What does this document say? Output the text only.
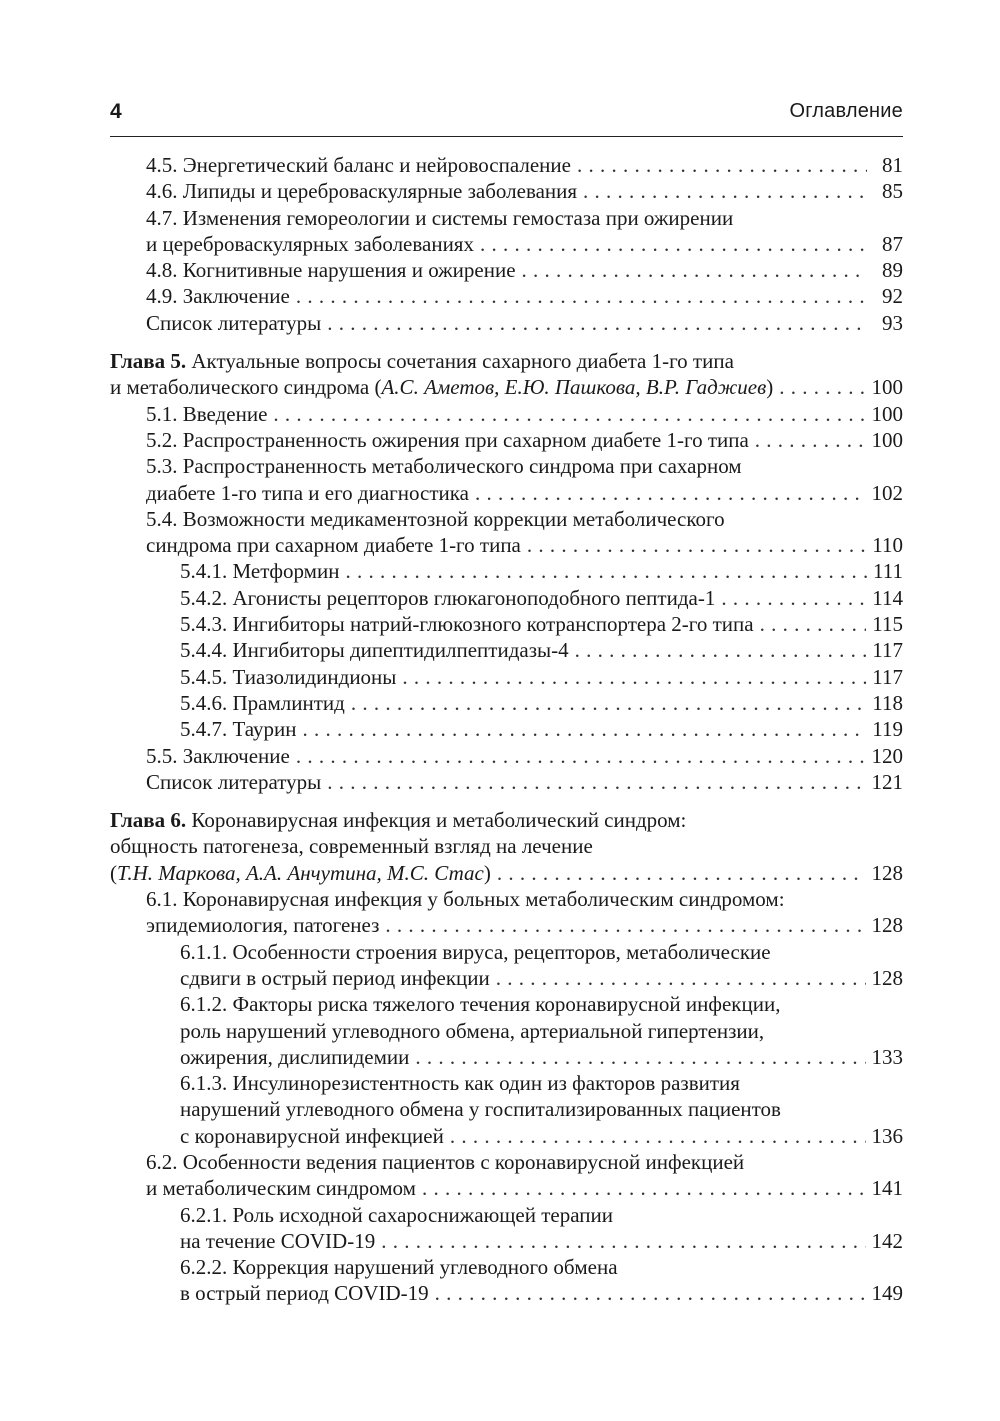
4	Оглавление
4.5. Энергетический баланс и нейровоспаление . . .	81
4.6. Липиды и цереброваскулярные заболевания . . .	85
4.7. Изменения гемореологии и системы гемостаза при ожирении
и цереброваскулярных заболеваниях . . .	87
4.8. Когнитивные нарушения и ожирение . . .	89
4.9. Заключение . . .	92
Список литературы . . .	93
Глава 5. Актуальные вопросы сочетания сахарного диабета 1-го типа
и метаболического синдрома (А.С. Аметов, Е.Ю. Пашкова, В.Р. Гаджиев) . . .	100
5.1. Введение . . .	100
5.2. Распространенность ожирения при сахарном диабете 1-го типа . . .	100
5.3. Распространенность метаболического синдрома при сахарном
диабете 1-го типа и его диагностика . . .	102
5.4. Возможности медикаментозной коррекции метаболического
синдрома при сахарном диабете 1-го типа . . .	110
5.4.1. Метформин . . .	111
5.4.2. Агонисты рецепторов глюкагоноподобного пептида-1 . . .	114
5.4.3. Ингибиторы натрий-глюкозного котранспортера 2-го типа . . .	115
5.4.4. Ингибиторы дипептидилпептидазы-4 . . .	117
5.4.5. Тиазолидиндионы . . .	117
5.4.6. Прамлинтид . . .	118
5.4.7. Таурин . . .	119
5.5. Заключение . . .	120
Список литературы . . .	121
Глава 6. Коронавирусная инфекция и метаболический синдром:
общность патогенеза, современный взгляд на лечение
(Т.Н. Маркова, А.А. Анчутина, М.С. Стас) . . .	128
6.1. Коронавирусная инфекция у больных метаболическим синдромом:
эпидемиология, патогенез . . .	128
6.1.1. Особенности строения вируса, рецепторов, метаболические
сдвиги в острый период инфекции . . .	128
6.1.2. Факторы риска тяжелого течения коронавирусной инфекции,
роль нарушений углеводного обмена, артериальной гипертензии,
ожирения, дислипидемии . . .	133
6.1.3. Инсулинорезистентность как один из факторов развития
нарушений углеводного обмена у госпитализированных пациентов
с коронавирусной инфекцией . . .	136
6.2. Особенности ведения пациентов с коронавирусной инфекцией
и метаболическим синдромом . . .	141
6.2.1. Роль исходной сахароснижающей терапии
на течение COVID-19 . . .	142
6.2.2. Коррекция нарушений углеводного обмена
в острый период COVID-19 . . .	149
